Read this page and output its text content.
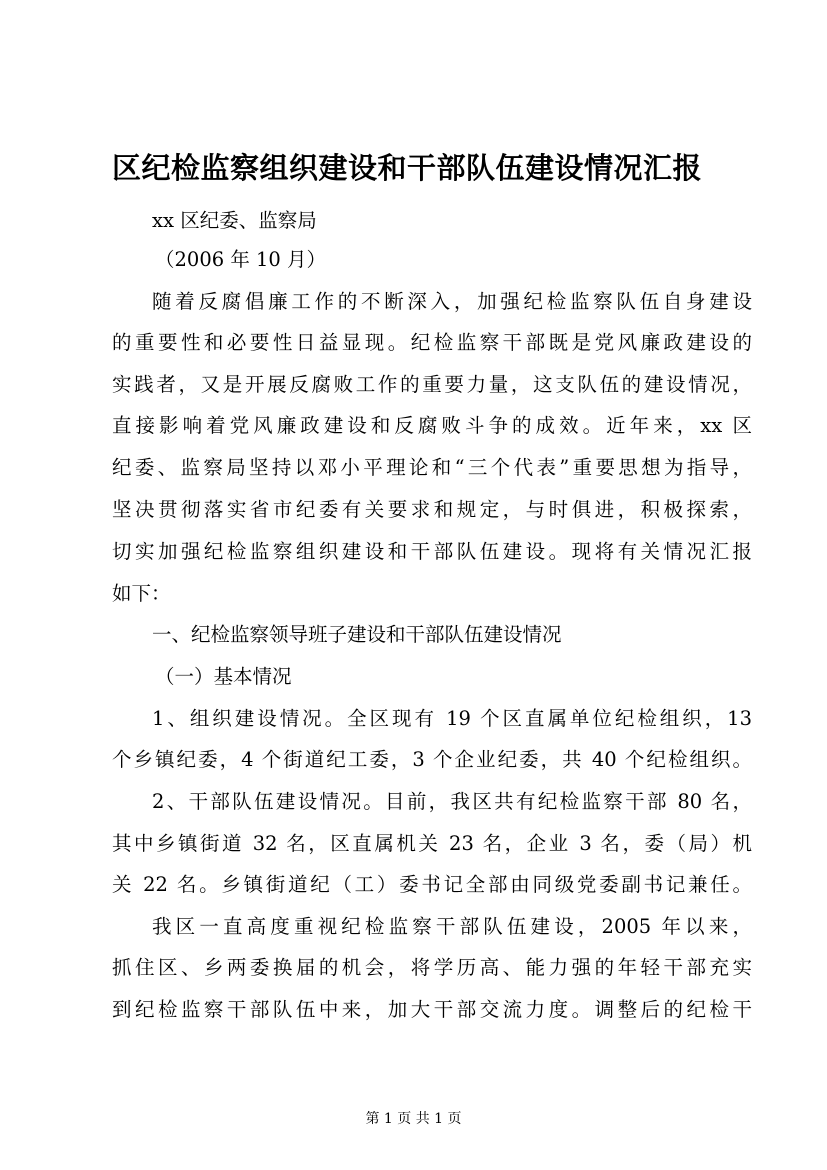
区纪检监察组织建设和干部队伍建设情况汇报
xx 区纪委、监察局
（2006 年 10 月）
随着反腐倡廉工作的不断深入，加强纪检监察队伍自身建设
的重要性和必要性日益显现。纪检监察干部既是党风廉政建设的
实践者，又是开展反腐败工作的重要力量，这支队伍的建设情况，
直接影响着党风廉政建设和反腐败斗争的成效。近年来，xx 区
纪委、监察局坚持以邓小平理论和“三个代表”重要思想为指导，
坚决贯彻落实省市纪委有关要求和规定，与时俱进，积极探索，
切实加强纪检监察组织建设和干部队伍建设。现将有关情况汇报
如下：
一、纪检监察领导班子建设和干部队伍建设情况
（一）基本情况
1、组织建设情况。全区现有 19 个区直属单位纪检组织，13
个乡镇纪委，4 个街道纪工委，3 个企业纪委，共 40 个纪检组织。
2、干部队伍建设情况。目前，我区共有纪检监察干部 80 名，
其中乡镇街道 32 名，区直属机关 23 名，企业 3 名，委（局）机
关 22 名。乡镇街道纪（工）委书记全部由同级党委副书记兼任。
我区一直高度重视纪检监察干部队伍建设，2005 年以来，
抓住区、乡两委换届的机会，将学历高、能力强的年轻干部充实
到纪检监察干部队伍中来，加大干部交流力度。调整后的纪检干
第 1 页 共 1 页
